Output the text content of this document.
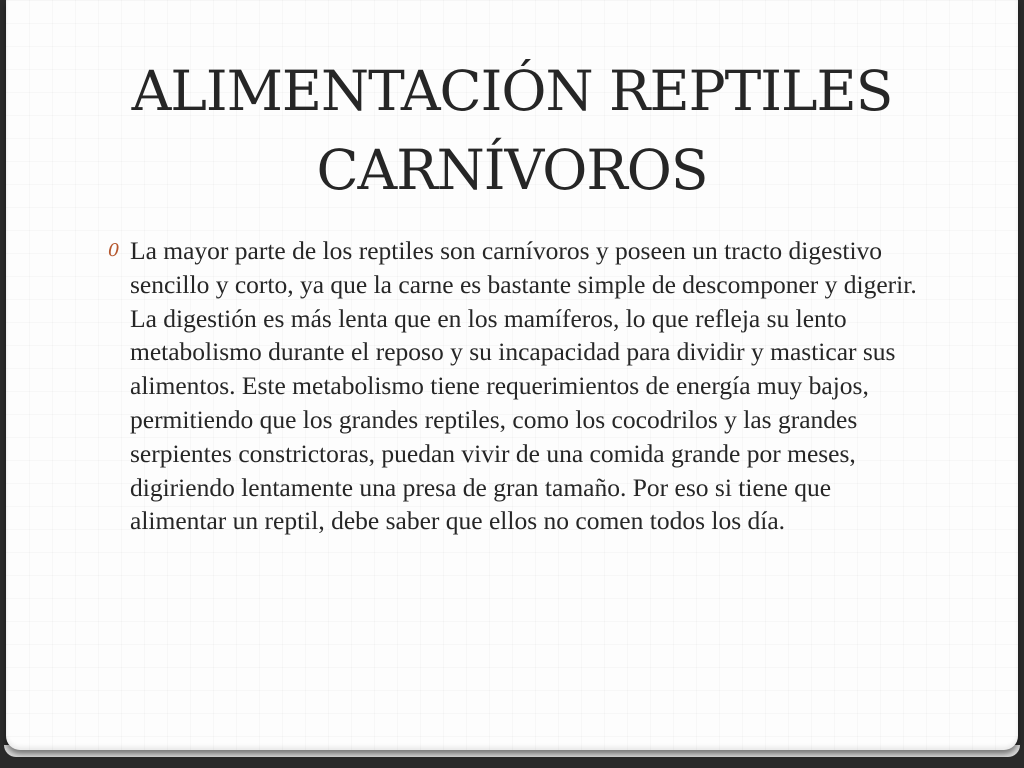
ALIMENTACIÓN REPTILES CARNÍVOROS
0 La mayor parte de los reptiles son carnívoros y poseen un tracto digestivo sencillo y corto, ya que la carne es bastante simple de descomponer y digerir. La digestión es más lenta que en los mamíferos, lo que refleja su lento metabolismo durante el reposo y su incapacidad para dividir y masticar sus alimentos. Este metabolismo tiene requerimientos de energía muy bajos, permitiendo que los grandes reptiles, como los cocodrilos y las grandes serpientes constrictoras, puedan vivir de una comida grande por meses, digiriendo lentamente una presa de gran tamaño. Por eso si tiene que alimentar un reptil, debe saber que ellos no comen todos los día.
